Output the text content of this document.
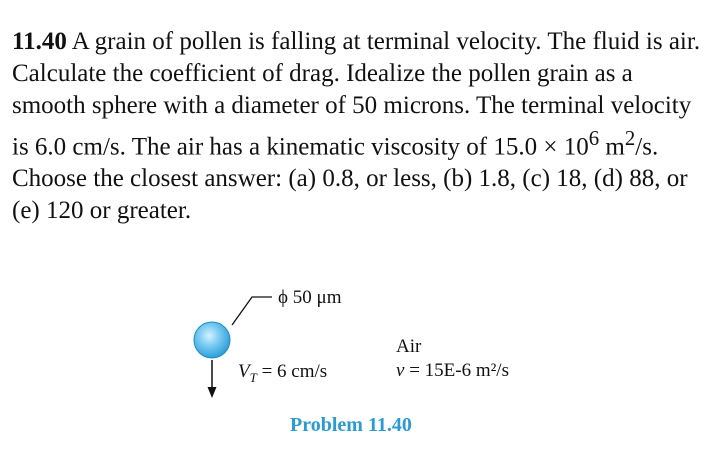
11.40 A grain of pollen is falling at terminal velocity. The fluid is air. Calculate the coefficient of drag. Idealize the pollen grain as a smooth sphere with a diameter of 50 microns. The terminal velocity is 6.0 cm/s. The air has a kinematic viscosity of $15.0 \times 10^6$ $m^2/s$. Choose the closest answer: (a) 0.8, or less, (b) 1.8, (c) 18, (d) 88, or (e) 120 or greater.
ϕ 50 μm
$V_T = 6$ cm/s
Air
ν = 15E-6 m²/s
Problem 11.40
